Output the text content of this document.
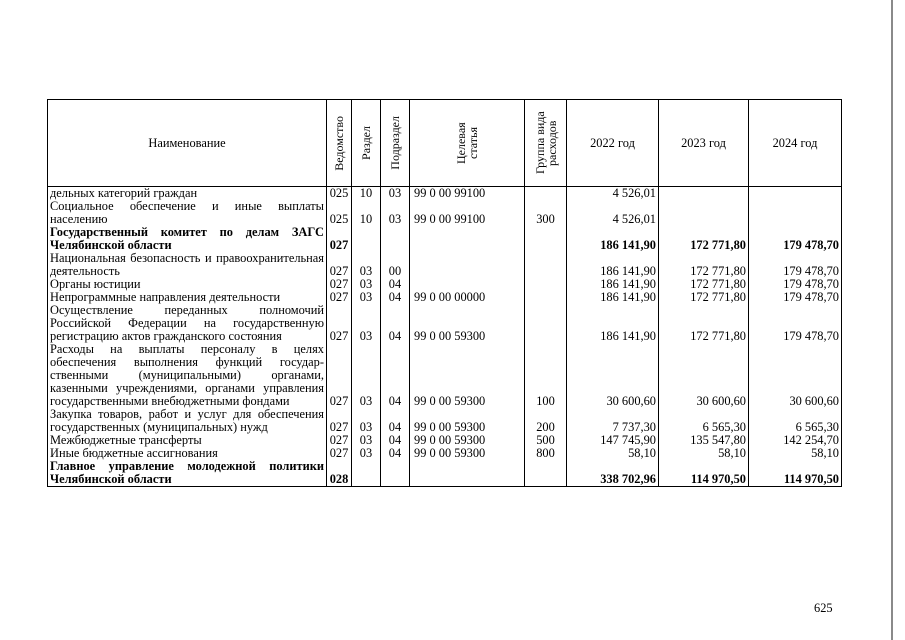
Наименование	Ведомство	Раздел	Подраздел	Целевая статья	Группа вида расходов	2022 год	2023 год	2024 год
дельных категорий граждан	025	10	03	99 0 00 99100		4 526,01		
Социальное обеспечение и иные выплаты населению	025	10	03	99 0 00 99100	300	4 526,01		
Государственный комитет по делам ЗАГС Челябинской области	027					186 141,90	172 771,80	179 478,70
Национальная безопасность и правоохранительная деятельность	027	03	00			186 141,90	172 771,80	179 478,70
Органы юстиции	027	03	04			186 141,90	172 771,80	179 478,70
Непрограммные направления деятельности	027	03	04	99 0 00 00000		186 141,90	172 771,80	179 478,70
Осуществление переданных полномочий Российской Федерации на государственную регистрацию актов гражданского состояния	027	03	04	99 0 00 59300		186 141,90	172 771,80	179 478,70
Расходы на выплаты персоналу в целях обеспечения выполнения функций государственными (муниципальными) органами, казенными учреждениями, органами управления государственными внебюджетными фондами	027	03	04	99 0 00 59300	100	30 600,60	30 600,60	30 600,60
Закупка товаров, работ и услуг для обеспечения государственных (муниципальных) нужд	027	03	04	99 0 00 59300	200	7 737,30	6 565,30	6 565,30
Межбюджетные трансферты	027	03	04	99 0 00 59300	500	147 745,90	135 547,80	142 254,70
Иные бюджетные ассигнования	027	03	04	99 0 00 59300	800	58,10	58,10	58,10
Главное управление молодежной политики Челябинской области	028					338 702,96	114 970,50	114 970,50
625
